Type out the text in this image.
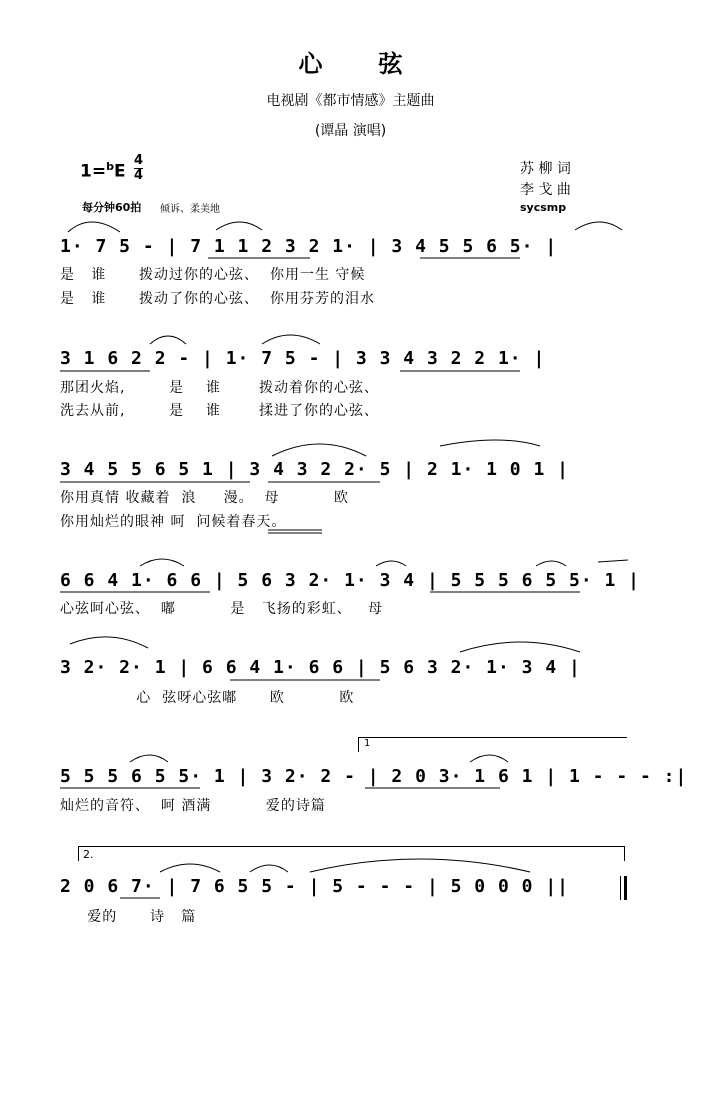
心弦
电视剧《都市情感》主题曲
(谭晶 演唱)
1=$^b$E
4
4
每分钟60拍 倾诉、柔美地
苏 柳 词
李 戈 曲
sycsmp
1· 7 5 - | 7 1 1 2 3 2 1· | 3 4 5 5 6 5· |
是   谁      拨动过你的心弦、  你用一生 守候
是   谁      拨动了你的心弦、  你用芬芳的泪水
3 1 6 2 2 - | 1· 7 5 - | 3 3 4 3 2 2 1· |
那团火焰,        是    谁       拨动着你的心弦、
洗去从前,        是    谁       揉进了你的心弦、
3 4 5 5 6 5 1 | 3 4 3 2 2· 5 | 2 1· 1 0 1 |
你用真情 收藏着  浪     漫。  母          欧
你用灿烂的眼神 呵  问候着春天。
6 6 4 1· 6 6 | 5 6 3 2· 1· 3 4 | 5 5 5 6 5 5· 1 |
心弦呵心弦、  嘟          是   飞扬的彩虹、   母
3 2· 2· 1 | 6 6 4 1· 6 6 | 5 6 3 2· 1· 3 4 |
心  弦呀心弦嘟      欧          欧
5 5 5 6 5 5· 1 | 3 2· 2 - | 2 0 3· 1 6 1 | 1 - - - :|
灿烂的音符、  呵 酒满          爱的诗篇
2 0 6 7· | 7 6 5 5 - | 5 - - - | 5 0 0 0 ||
爱的      诗   篇
1
2.
